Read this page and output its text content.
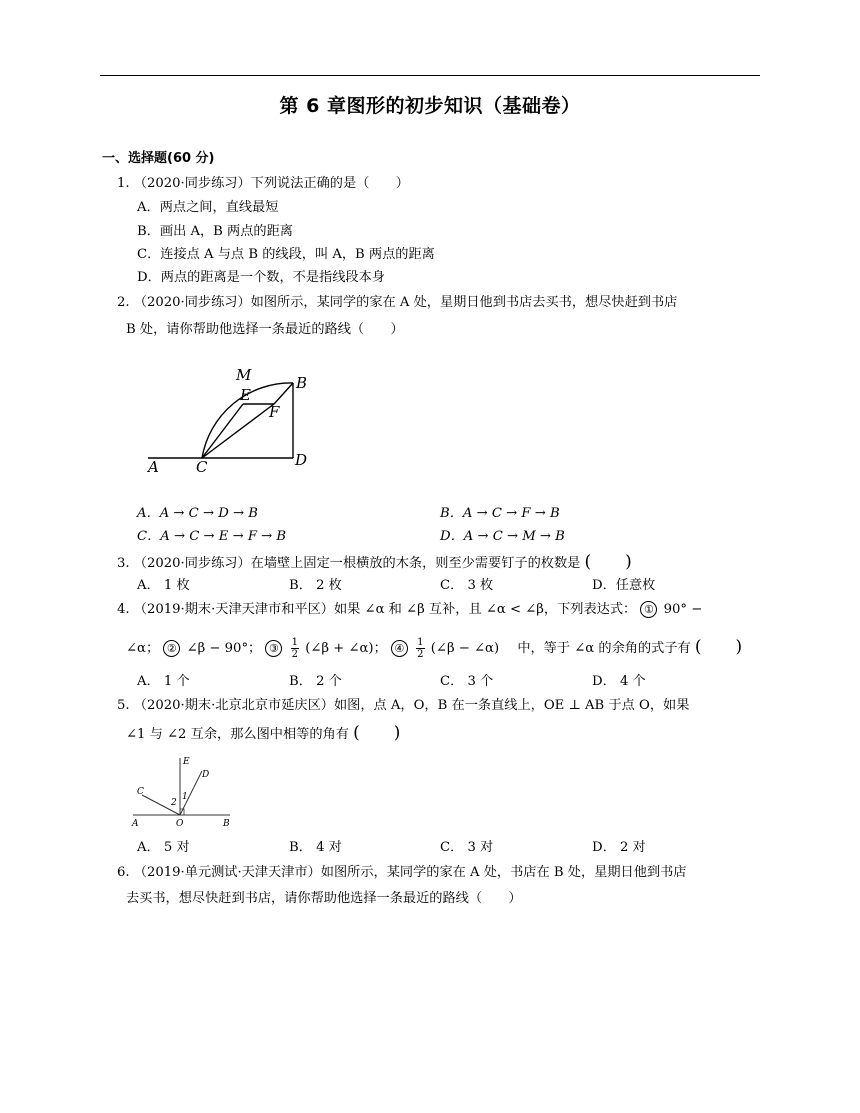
第 6 章图形的初步知识（基础卷）
一、选择题(60 分)
1. （2020·同步练习）下列说法正确的是（　　）
A．两点之间，直线最短
B．画出 A，B 两点的距离
C．连接点 A 与点 B 的线段，叫 A，B 两点的距离
D．两点的距离是一个数，不是指线段本身
2. （2020·同步练习）如图所示，某同学的家在 A 处，星期日他到书店去买书，想尽快赶到书店
B 处，请你帮助他选择一条最近的路线（　　）
M	B
E
F
A C	D
A．A → C → D → B	B．A → C → F → B
C．A → C → E → F → B	D．A → C → M → B
3. （2020·同步练习）在墙壁上固定一根横放的木条，则至少需要钉子的枚数是 (　　)
A． 1 枚	B． 2 枚	C． 3 枚	D．任意枚
4. （2019·期末·天津天津市和平区）如果 ∠α 和 ∠β 互补，且 ∠α < ∠β，下列表达式： ① 90° −
∠α； ② ∠β − 90°； ③ $\frac{1}{2}$ (∠β + ∠α)； ④ $\frac{1}{2}$ (∠β − ∠α) 中，等于 ∠α 的余角的式子有 (　　)
A． 1 个	B． 2 个	C． 3 个	D． 4 个
5. （2020·期末·北京北京市延庆区）如图，点 A，O，B 在一条直线上，OE ⊥ AB 于点 O，如果
∠1 与 ∠2 互余，那么图中相等的角有 (　　)
E
D
C	1
2
A	O	B
A． 5 对	B． 4 对	C． 3 对	D． 2 对
6. （2019·单元测试·天津天津市）如图所示，某同学的家在 A 处，书店在 B 处，星期日他到书店
去买书，想尽快赶到书店，请你帮助他选择一条最近的路线（　　）
